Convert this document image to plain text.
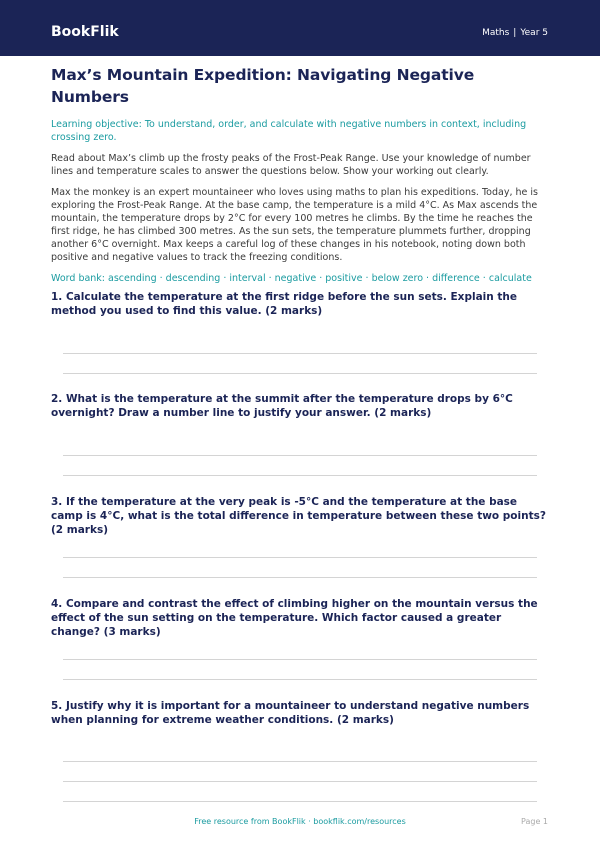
BookFlik	Maths | Year 5
Max’s Mountain Expedition: Navigating Negative Numbers

Learning objective: To understand, order, and calculate with negative numbers in context, including crossing zero.

Read about Max’s climb up the frosty peaks of the Frost-Peak Range. Use your knowledge of number lines and temperature scales to answer the questions below. Show your working out clearly.

Max the monkey is an expert mountaineer who loves using maths to plan his expeditions. Today, he is exploring the Frost-Peak Range. At the base camp, the temperature is a mild 4°C. As Max ascends the mountain, the temperature drops by 2°C for every 100 metres he climbs. By the time he reaches the first ridge, he has climbed 300 metres. As the sun sets, the temperature plummets further, dropping another 6°C overnight. Max keeps a careful log of these changes in his notebook, noting down both positive and negative values to track the freezing conditions.

Word bank: ascending · descending · interval · negative · positive · below zero · difference · calculate

1. Calculate the temperature at the first ridge before the sun sets. Explain the method you used to find this value. (2 marks)

2. What is the temperature at the summit after the temperature drops by 6°C overnight? Draw a number line to justify your answer. (2 marks)

3. If the temperature at the very peak is -5°C and the temperature at the base camp is 4°C, what is the total difference in temperature between these two points? (2 marks)

4. Compare and contrast the effect of climbing higher on the mountain versus the effect of the sun setting on the temperature. Which factor caused a greater change? (3 marks)

5. Justify why it is important for a mountaineer to understand negative numbers when planning for extreme weather conditions. (2 marks)

Free resource from BookFlik · bookflik.com/resources	Page 1
